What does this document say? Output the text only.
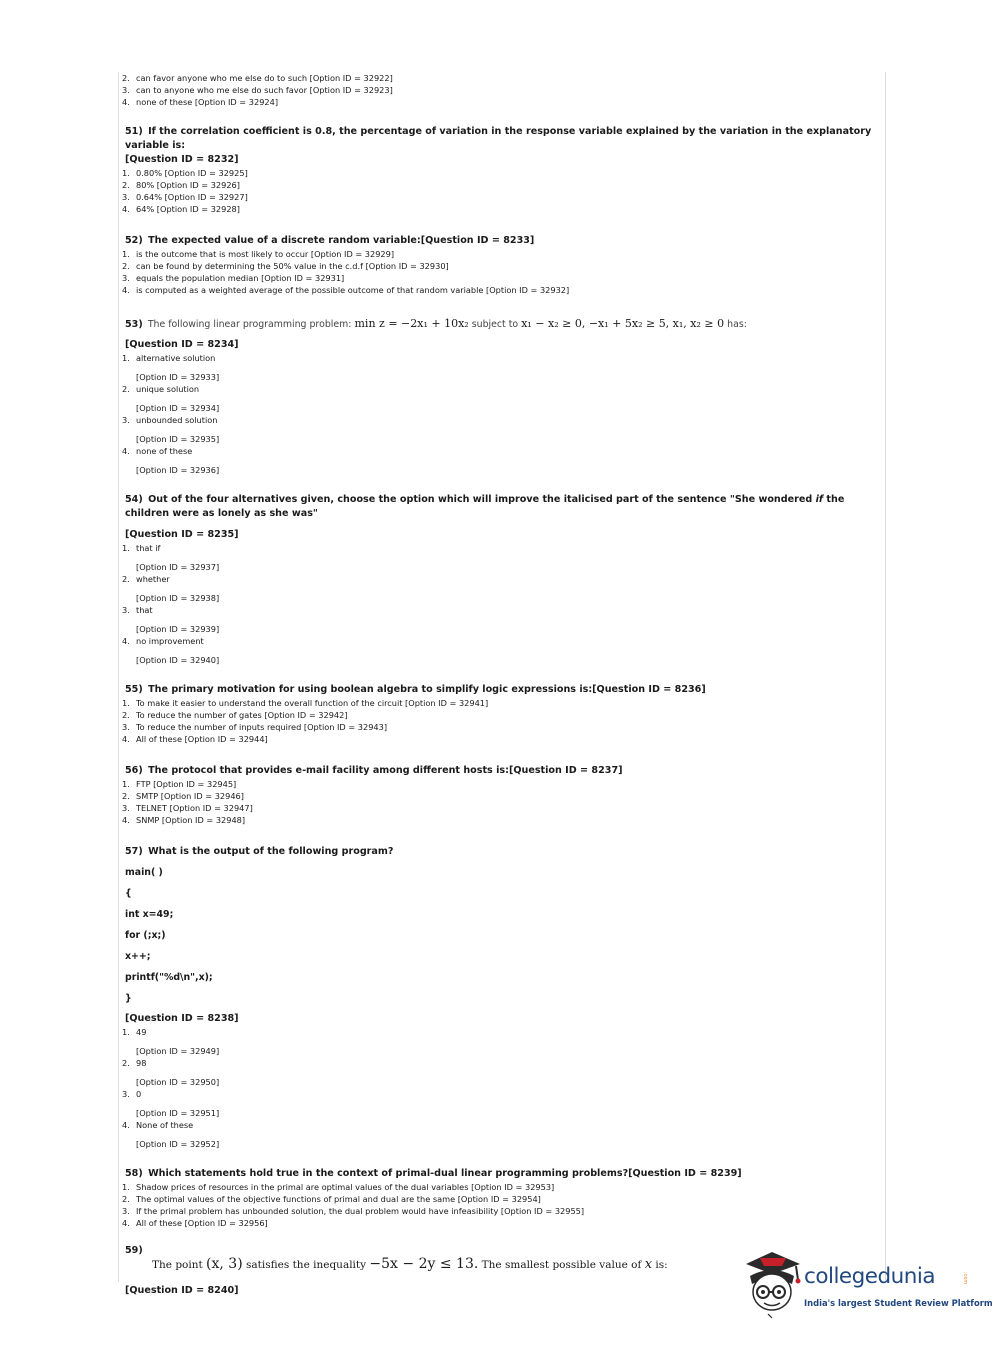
2. can favor anyone who me else do to such [Option ID = 32922]
3. can to anyone who me else do such favor [Option ID = 32923]
4. none of these [Option ID = 32924]
51) If the correlation coefficient is 0.8, the percentage of variation in the response variable explained by the variation in the explanatory variable is:
[Question ID = 8232]
1. 0.80% [Option ID = 32925]
2. 80% [Option ID = 32926]
3. 0.64% [Option ID = 32927]
4. 64% [Option ID = 32928]
52) The expected value of a discrete random variable:[Question ID = 8233]
1. is the outcome that is most likely to occur [Option ID = 32929]
2. can be found by determining the 50% value in the c.d.f [Option ID = 32930]
3. equals the population median [Option ID = 32931]
4. is computed as a weighted average of the possible outcome of that random variable [Option ID = 32932]
53) The following linear programming problem: min z = −2x₁ + 10x₂ subject to x₁ − x₂ ≥ 0, −x₁ + 5x₂ ≥ 5, x₁, x₂ ≥ 0 has:
[Question ID = 8234]
1. alternative solution
[Option ID = 32933]
2. unique solution
[Option ID = 32934]
3. unbounded solution
[Option ID = 32935]
4. none of these
[Option ID = 32936]
54) Out of the four alternatives given, choose the option which will improve the italicised part of the sentence "She wondered if the children were as lonely as she was"
[Question ID = 8235]
1. that if
[Option ID = 32937]
2. whether
[Option ID = 32938]
3. that
[Option ID = 32939]
4. no improvement
[Option ID = 32940]
55) The primary motivation for using boolean algebra to simplify logic expressions is:[Question ID = 8236]
1. To make it easier to understand the overall function of the circuit [Option ID = 32941]
2. To reduce the number of gates [Option ID = 32942]
3. To reduce the number of inputs required [Option ID = 32943]
4. All of these [Option ID = 32944]
56) The protocol that provides e-mail facility among different hosts is:[Question ID = 8237]
1. FTP [Option ID = 32945]
2. SMTP [Option ID = 32946]
3. TELNET [Option ID = 32947]
4. SNMP [Option ID = 32948]
57) What is the output of the following program?
main( )
{
int x=49;
for (;x;)
x++;
printf("%d\n",x);
}
[Question ID = 8238]
1. 49
[Option ID = 32949]
2. 98
[Option ID = 32950]
3. 0
[Option ID = 32951]
4. None of these
[Option ID = 32952]
58) Which statements hold true in the context of primal-dual linear programming problems?[Question ID = 8239]
1. Shadow prices of resources in the primal are optimal values of the dual variables [Option ID = 32953]
2. The optimal values of the objective functions of primal and dual are the same [Option ID = 32954]
3. If the primal problem has unbounded solution, the dual problem would have infeasibility [Option ID = 32955]
4. All of these [Option ID = 32956]
59)
The point (x, 3) satisfies the inequality −5x − 2y ≤ 13. The smallest possible value of x is:
[Question ID = 8240]
collegedunia	.com
India's largest Student Review Platform
